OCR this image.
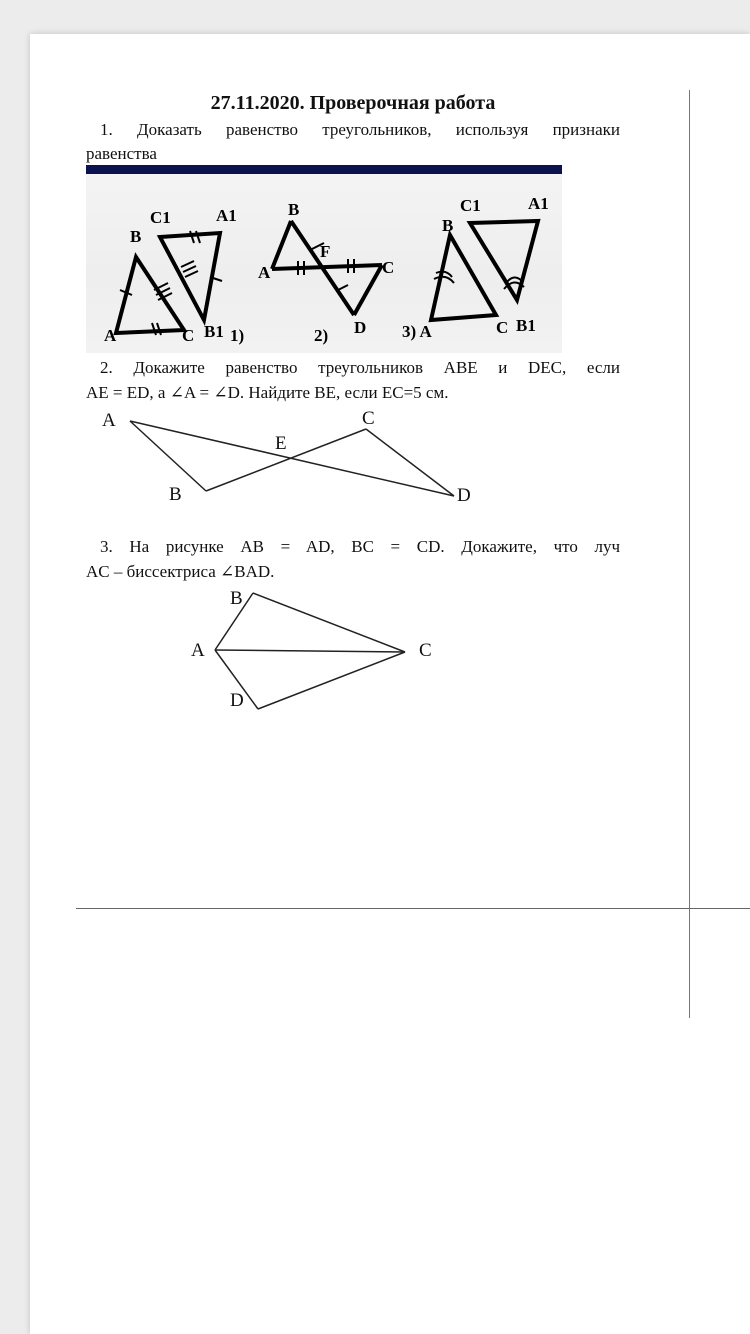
27.11.2020. Проверочная работа
1. Доказать равенство треугольников, используя признаки
равенства
B
C1	A1
A	C B1 1)
B
F
A	C
D
2)
B
C1	A1
3) A	C B1
2. Докажите равенство треугольников ABE и DEC, если
AE = ED, а ∠A = ∠D. Найдите BE, если EC=5 см.
A	C
E
B	D
B
A	C
D
3. На рисунке AB = AD, BC = CD. Докажите, что луч
AC – биссектриса ∠BAD.
